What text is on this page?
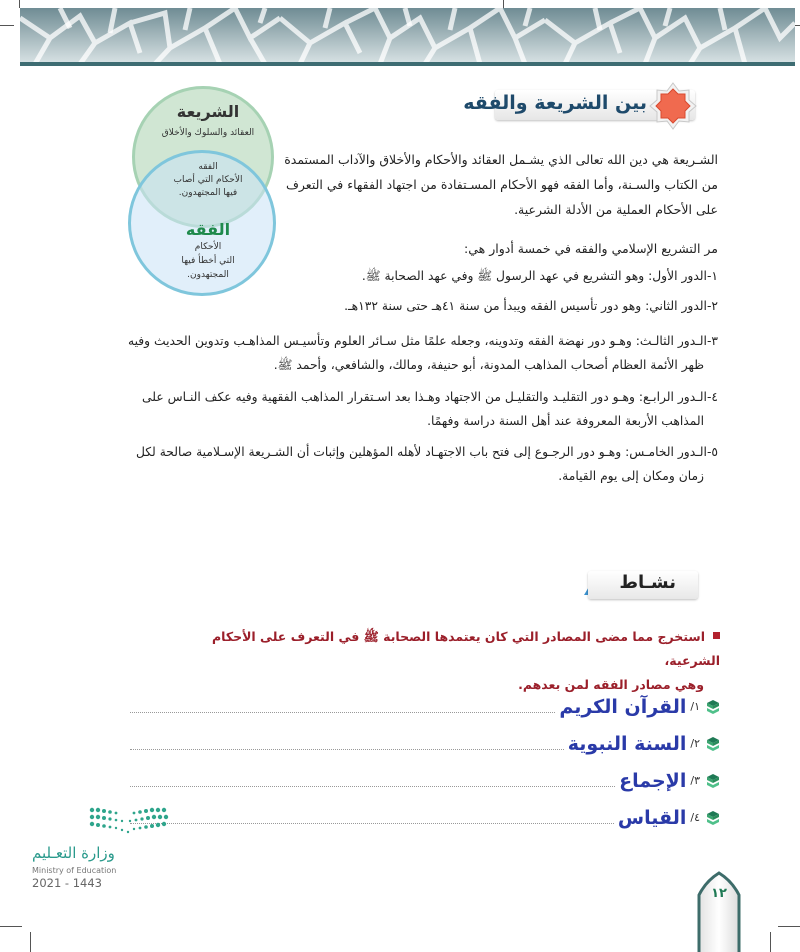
بين الشريعة والفقه
الشريعة
العقائد والسلوك والأخلاق
الفقه
الأحكام التي أصاب
فيها المجتهدون.
الفقه
الأحكام
التي أخطأ فيها
المجتهدون.
الشـريعة هي دين الله تعالى الذي يشـمل العقائد والأحكام والأخلاق والآداب المستمدة من الكتاب والسـنة، وأما الفقه فهو الأحكام المسـتفادة من اجتهاد الفقهاء في التعرف على الأحكام العملية من الأدلة الشرعية.
مر التشريع الإسلامي والفقه في خمسة أدوار هي:
١-الدور الأول: وهو التشريع في عهد الرسول ﷺ وفي عهد الصحابة ﷺ.
٢-الدور الثاني: وهو دور تأسيس الفقه ويبدأ من سنة ٤١هـ حتى سنة ١٣٢هـ.
٣-الـدور الثالـث: وهـو دور نهضة الفقه وتدوينه، وجعله علمًا مثل سـائر العلوم وتأسيـس المذاهـب وتدوين الحديث وفيه
ظهر الأئمة العظام أصحاب المذاهب المدونة، أبو حنيفة، ومالك، والشافعي، وأحمد ﷺ.
٤-الـدور الرابـع: وهـو دور التقليـد والتقليـل من الاجتهاد وهـذا بعد اسـتقرار المذاهب الفقهية وفيه عكف النـاس على
المذاهب الأربعة المعروفة عند أهل السنة دراسة وفهمًا.
٥-الـدور الخامـس: وهـو دور الرجـوع إلى فتح باب الاجتهـاد لأهله المؤهلين وإثبات أن الشـريعة الإسـلامية صالحة لكل
زمان ومكان إلى يوم القيامة.
نشـاط
استخرج مما مضى المصادر التي كان يعتمدها الصحابة ﷺ في التعرف على الأحكام الشرعية،
وهي مصادر الفقه لمن بعدهم.
١/
القرآن الكريم
٢/
السنة النبوية
٣/
الإجماع
٤/
القياس
وزارة التعـليم
Ministry of Education
2021 - 1443
١٢
